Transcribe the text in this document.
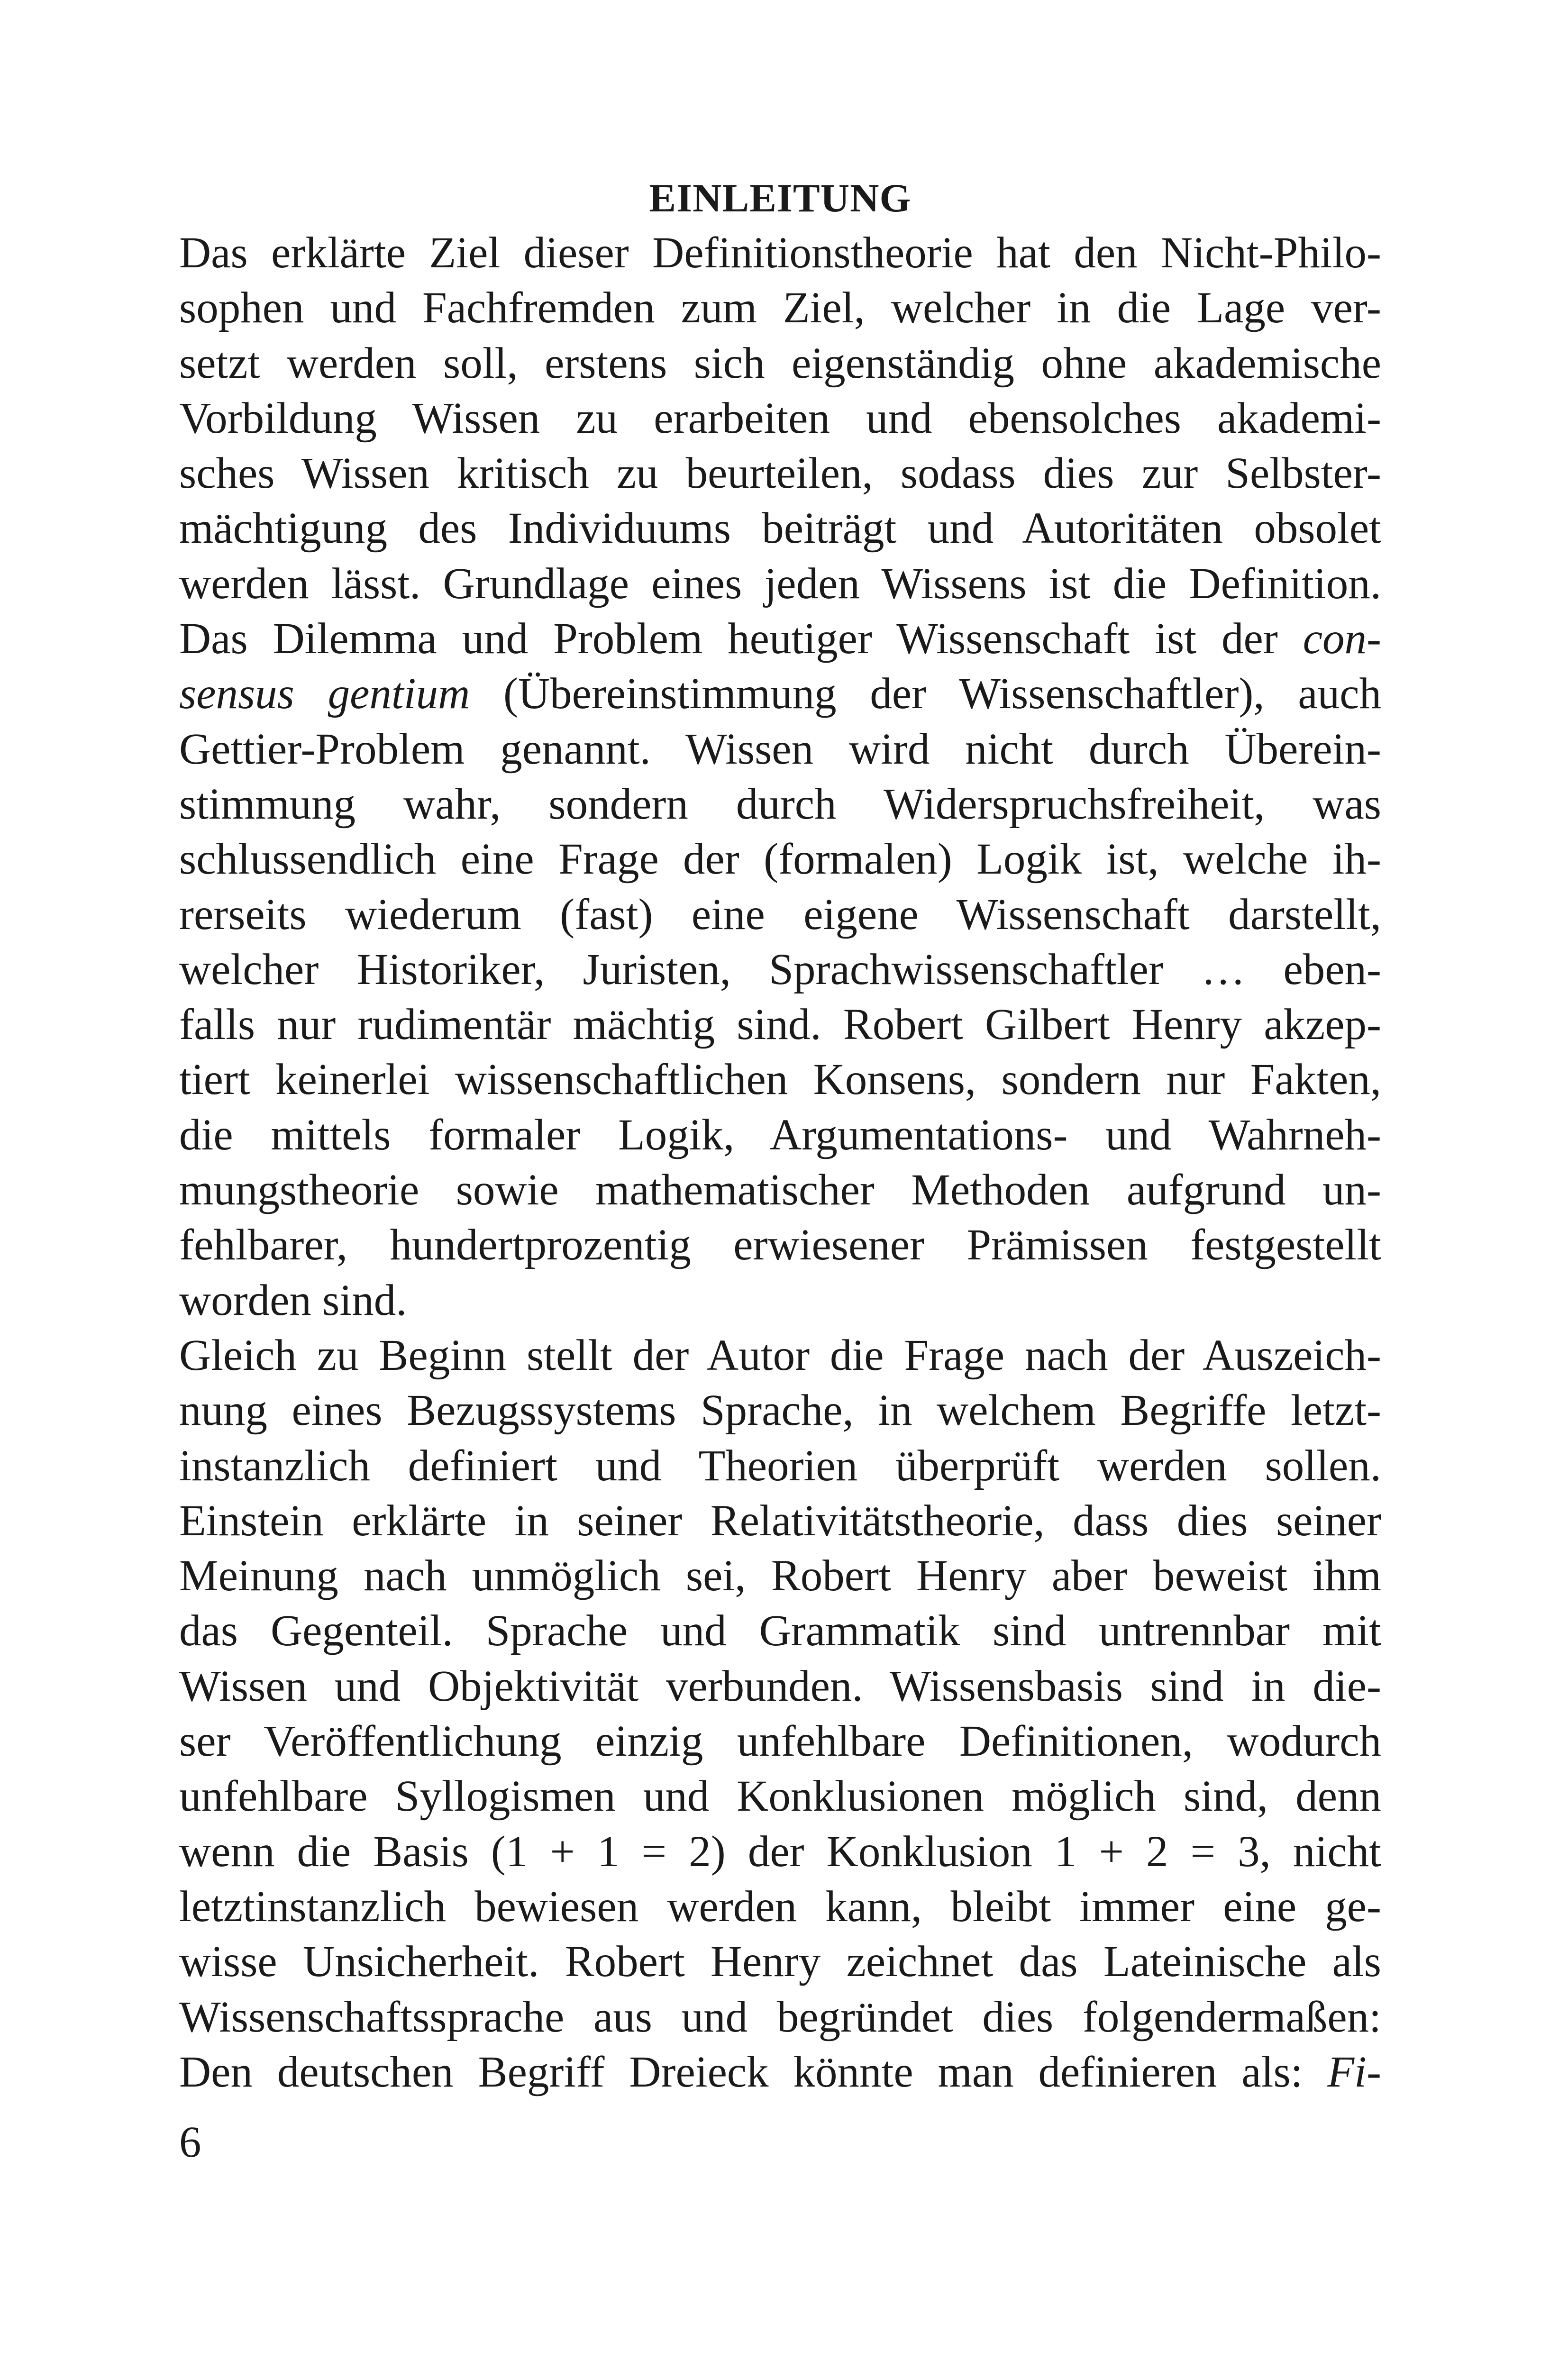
EINLEITUNG
Das erklärte Ziel dieser Definitionstheorie hat den Nicht-Philo-
sophen und Fachfremden zum Ziel, welcher in die Lage ver-
setzt werden soll, erstens sich eigenständig ohne akademische
Vorbildung Wissen zu erarbeiten und ebensolches akademi-
sches Wissen kritisch zu beurteilen, sodass dies zur Selbster-
mächtigung des Individuums beiträgt und Autoritäten obsolet
werden lässt. Grundlage eines jeden Wissens ist die Definition.
Das Dilemma und Problem heutiger Wissenschaft ist der con-
sensus gentium (Übereinstimmung der Wissenschaftler), auch
Gettier-Problem genannt. Wissen wird nicht durch Überein-
stimmung wahr, sondern durch Widerspruchsfreiheit, was
schlussendlich eine Frage der (formalen) Logik ist, welche ih-
rerseits wiederum (fast) eine eigene Wissenschaft darstellt,
welcher Historiker, Juristen, Sprachwissenschaftler … eben-
falls nur rudimentär mächtig sind. Robert Gilbert Henry akzep-
tiert keinerlei wissenschaftlichen Konsens, sondern nur Fakten,
die mittels formaler Logik, Argumentations- und Wahrneh-
mungstheorie sowie mathematischer Methoden aufgrund un-
fehlbarer, hundertprozentig erwiesener Prämissen festgestellt
worden sind.
Gleich zu Beginn stellt der Autor die Frage nach der Auszeich-
nung eines Bezugssystems Sprache, in welchem Begriffe letzt-
instanzlich definiert und Theorien überprüft werden sollen.
Einstein erklärte in seiner Relativitätstheorie, dass dies seiner
Meinung nach unmöglich sei, Robert Henry aber beweist ihm
das Gegenteil. Sprache und Grammatik sind untrennbar mit
Wissen und Objektivität verbunden. Wissensbasis sind in die-
ser Veröffentlichung einzig unfehlbare Definitionen, wodurch
unfehlbare Syllogismen und Konklusionen möglich sind, denn
wenn die Basis (1 + 1 = 2) der Konklusion 1 + 2 = 3, nicht
letztinstanzlich bewiesen werden kann, bleibt immer eine ge-
wisse Unsicherheit. Robert Henry zeichnet das Lateinische als
Wissenschaftssprache aus und begründet dies folgendermaßen:
Den deutschen Begriff Dreieck könnte man definieren als: Fi-
6
